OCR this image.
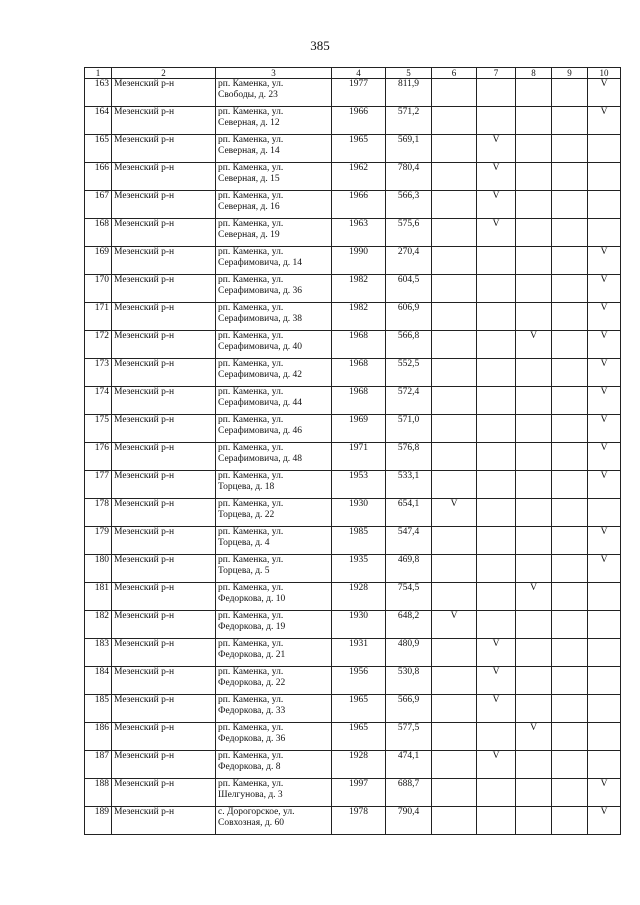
385
1	2	3	4	5	6	7	8	9	10
163	Мезенский р-н	рп. Каменка, ул.
Свободы, д. 23	1977	811,9					V
164	Мезенский р-н	рп. Каменка, ул.
Северная, д. 12	1966	571,2					V
165	Мезенский р-н	рп. Каменка, ул.
Северная, д. 14	1965	569,1		V			
166	Мезенский р-н	рп. Каменка, ул.
Северная, д. 15	1962	780,4		V			
167	Мезенский р-н	рп. Каменка, ул.
Северная, д. 16	1966	566,3		V			
168	Мезенский р-н	рп. Каменка, ул.
Северная, д. 19	1963	575,6		V			
169	Мезенский р-н	рп. Каменка, ул.
Серафимовича, д. 14	1990	270,4					V
170	Мезенский р-н	рп. Каменка, ул.
Серафимовича, д. 36	1982	604,5					V
171	Мезенский р-н	рп. Каменка, ул.
Серафимовича, д. 38	1982	606,9					V
172	Мезенский р-н	рп. Каменка, ул.
Серафимовича, д. 40	1968	566,8			V		V
173	Мезенский р-н	рп. Каменка, ул.
Серафимовича, д. 42	1968	552,5					V
174	Мезенский р-н	рп. Каменка, ул.
Серафимовича, д. 44	1968	572,4					V
175	Мезенский р-н	рп. Каменка, ул.
Серафимовича, д. 46	1969	571,0					V
176	Мезенский р-н	рп. Каменка, ул.
Серафимовича, д. 48	1971	576,8					V
177	Мезенский р-н	рп. Каменка, ул.
Торцева, д. 18	1953	533,1					V
178	Мезенский р-н	рп. Каменка, ул.
Торцева, д. 22	1930	654,1	V				
179	Мезенский р-н	рп. Каменка, ул.
Торцева, д. 4	1985	547,4					V
180	Мезенский р-н	рп. Каменка, ул.
Торцева, д. 5	1935	469,8					V
181	Мезенский р-н	рп. Каменка, ул.
Федоркова, д. 10	1928	754,5			V		
182	Мезенский р-н	рп. Каменка, ул.
Федоркова, д. 19	1930	648,2	V				
183	Мезенский р-н	рп. Каменка, ул.
Федоркова, д. 21	1931	480,9		V			
184	Мезенский р-н	рп. Каменка, ул.
Федоркова, д. 22	1956	530,8		V			
185	Мезенский р-н	рп. Каменка, ул.
Федоркова, д. 33	1965	566,9		V			
186	Мезенский р-н	рп. Каменка, ул.
Федоркова, д. 36	1965	577,5			V		
187	Мезенский р-н	рп. Каменка, ул.
Федоркова, д. 8	1928	474,1		V			
188	Мезенский р-н	рп. Каменка, ул.
Шелгунова, д. 3	1997	688,7					V
189	Мезенский р-н	с. Дорогорское, ул.
Совхозная, д. 60	1978	790,4					V
